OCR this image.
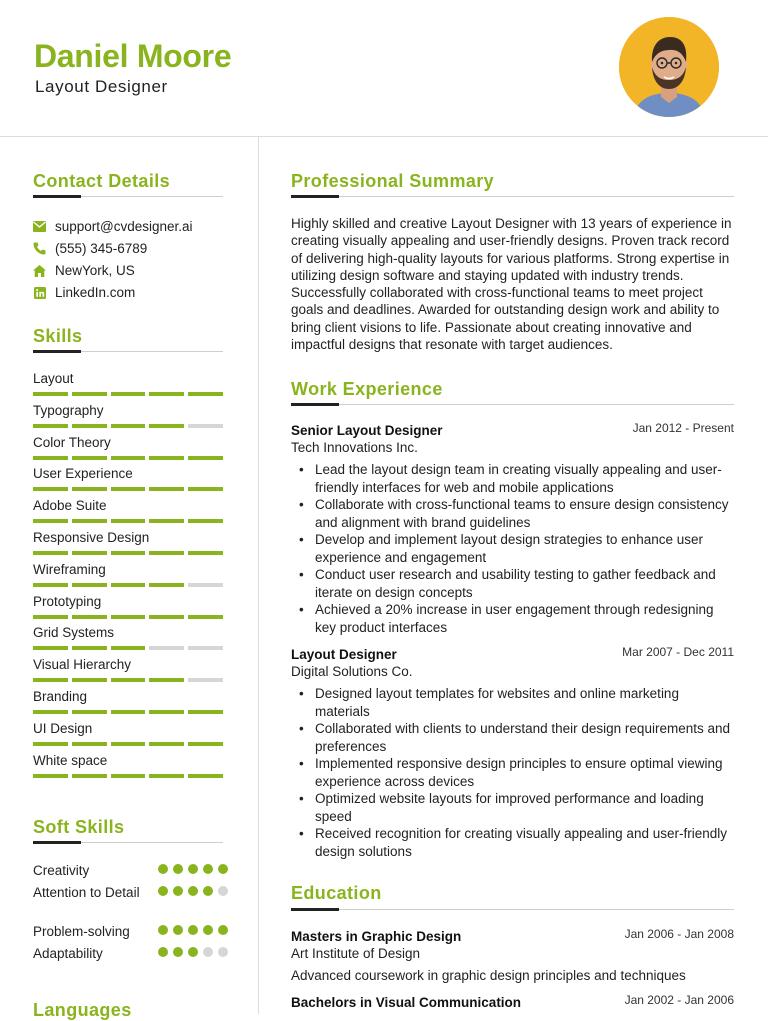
Daniel Moore
Layout Designer
Contact Details
support@cvdesigner.ai
(555) 345-6789
NewYork, US
LinkedIn.com
Skills
Layout
Typography
Color Theory
User Experience
Adobe Suite
Responsive Design
Wireframing
Prototyping
Grid Systems
Visual Hierarchy
Branding
UI Design
White space
Soft Skills
Creativity
Attention to Detail
Problem-solving
Adaptability
Languages
Professional Summary
Highly skilled and creative Layout Designer with 13 years of experience in creating visually appealing and user-friendly designs. Proven track record of delivering high-quality layouts for various platforms. Strong expertise in utilizing design software and staying updated with industry trends. Successfully collaborated with cross-functional teams to meet project goals and deadlines. Awarded for outstanding design work and ability to bring client visions to life. Passionate about creating innovative and impactful designs that resonate with target audiences.
Work Experience
Senior Layout Designer	Jan 2012 - Present
Tech Innovations Inc.
• Lead the layout design team in creating visually appealing and user-friendly interfaces for web and mobile applications
• Collaborate with cross-functional teams to ensure design consistency and alignment with brand guidelines
• Develop and implement layout design strategies to enhance user experience and engagement
• Conduct user research and usability testing to gather feedback and iterate on design concepts
• Achieved a 20% increase in user engagement through redesigning key product interfaces
Layout Designer	Mar 2007 - Dec 2011
Digital Solutions Co.
• Designed layout templates for websites and online marketing materials
• Collaborated with clients to understand their design requirements and preferences
• Implemented responsive design principles to ensure optimal viewing experience across devices
• Optimized website layouts for improved performance and loading speed
• Received recognition for creating visually appealing and user-friendly design solutions
Education
Masters in Graphic Design	Jan 2006 - Jan 2008
Art Institute of Design
Advanced coursework in graphic design principles and techniques
Bachelors in Visual Communication	Jan 2002 - Jan 2006
